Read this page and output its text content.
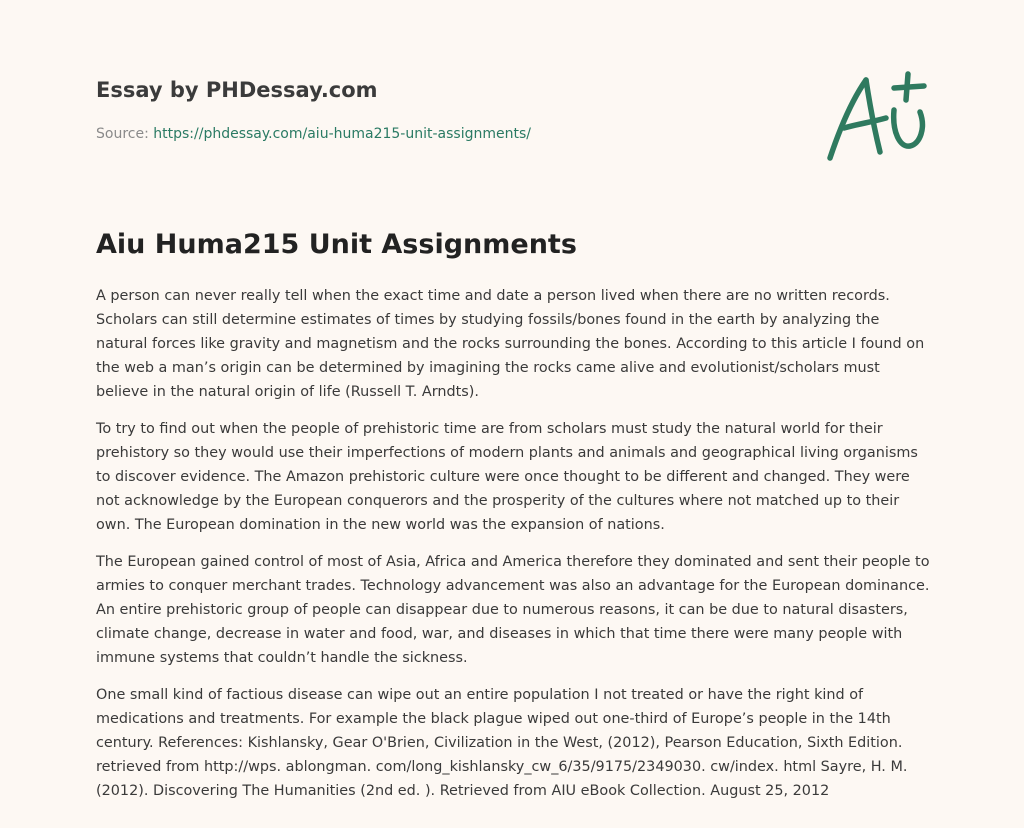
Essay by PHDessay.com
Source: https://phdessay.com/aiu-huma215-unit-assignments/
Aiu Huma215 Unit Assignments

A person can never really tell when the exact time and date a person lived when there are no written records. Scholars can still determine estimates of times by studying fossils/bones found in the earth by analyzing the natural forces like gravity and magnetism and the rocks surrounding the bones. According to this article I found on the web a man’s origin can be determined by imagining the rocks came alive and evolutionist/scholars must believe in the natural origin of life (Russell T. Arndts).

To try to find out when the people of prehistoric time are from scholars must study the natural world for their prehistory so they would use their imperfections of modern plants and animals and geographical living organisms to discover evidence. The Amazon prehistoric culture were once thought to be different and changed. They were not acknowledge by the European conquerors and the prosperity of the cultures where not matched up to their own. The European domination in the new world was the expansion of nations.

The European gained control of most of Asia, Africa and America therefore they dominated and sent their people to armies to conquer merchant trades. Technology advancement was also an advantage for the European dominance. An entire prehistoric group of people can disappear due to numerous reasons, it can be due to natural disasters, climate change, decrease in water and food, war, and diseases in which that time there were many people with immune systems that couldn’t handle the sickness.

One small kind of factious disease can wipe out an entire population I not treated or have the right kind of medications and treatments. For example the black plague wiped out one-third of Europe’s people in the 14th century. References: Kishlansky, Gear O'Brien, Civilization in the West, (2012), Pearson Education, Sixth Edition. retrieved from http://wps. ablongman. com/long_kishlansky_cw_6/35/9175/2349030. cw/index. html Sayre, H. M. (2012). Discovering The Humanities (2nd ed. ). Retrieved from AIU eBook Collection. August 25, 2012
